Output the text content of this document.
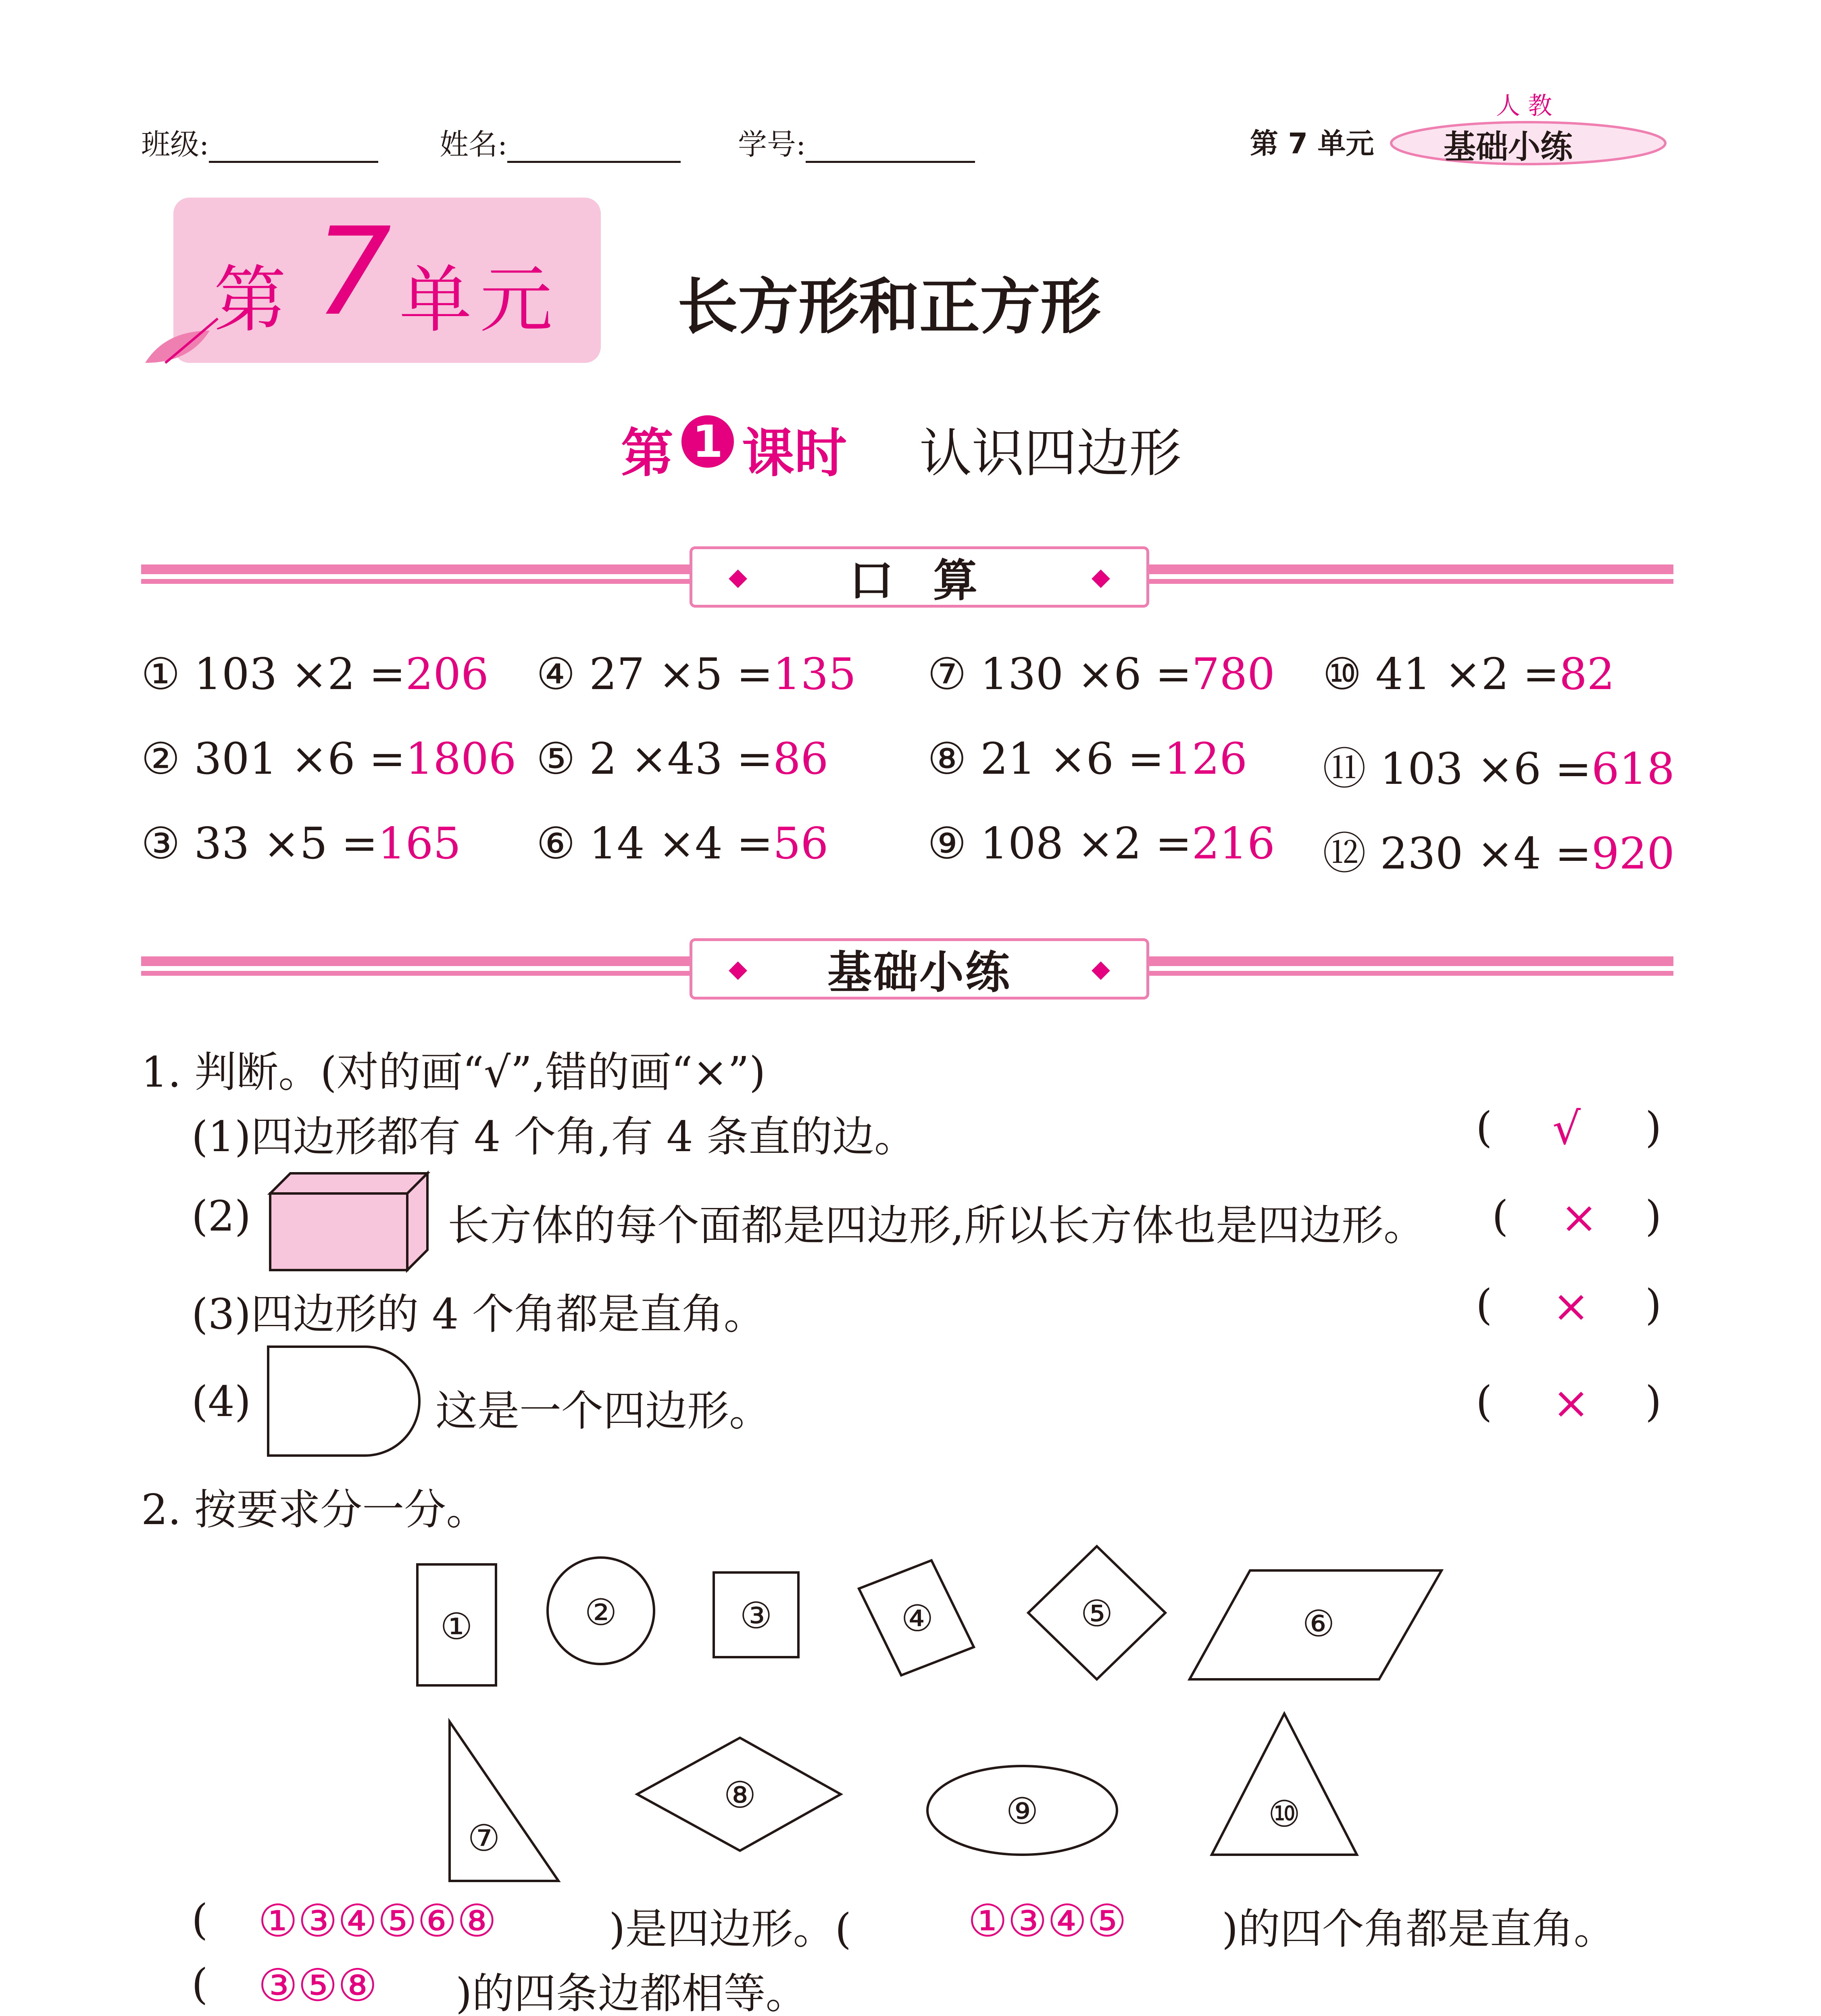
班级:	姓名:	学号:	第 7 单元
人 教
基础小练
第 7 单元 长方形和正方形
第 1 课时 认识四边形
◆ 口 算	◆
① 103 ×2 =206 ④ 27 ×5 =135 ⑦ 130 ×6 =780 ⑩ 41 ×2 =82
② 301 ×6 =1806 ⑤ 2 ×43 =86 ⑧ 21 ×6 =126 ⑪ 103 ×6 =618
③ 33 ×5 =165 ⑥ 14 ×4 =56 ⑨ 108 ×2 =216 ⑫ 230 ×4 =920
◆ 基础小练	◆
1. 判断。(对的画“√”,错的画“×”)
(1)四边形都有 4 个角,有 4 条直的边。	( √ )
(2)	长方体的每个面都是四边形,所以长方体也是四边形。 ( × )
(3)四边形的 4 个角都是直角。	( × )
(4)	这是一个四边形。	( × )
2. 按要求分一分。
①	②	③	④	⑤	⑥
⑦
⑧	⑨	⑩
( ①③④⑤⑥⑧	)是四边形。(	①③④⑤ )的四个角都是直角。
( ③⑤⑧ )的四条边都相等。
